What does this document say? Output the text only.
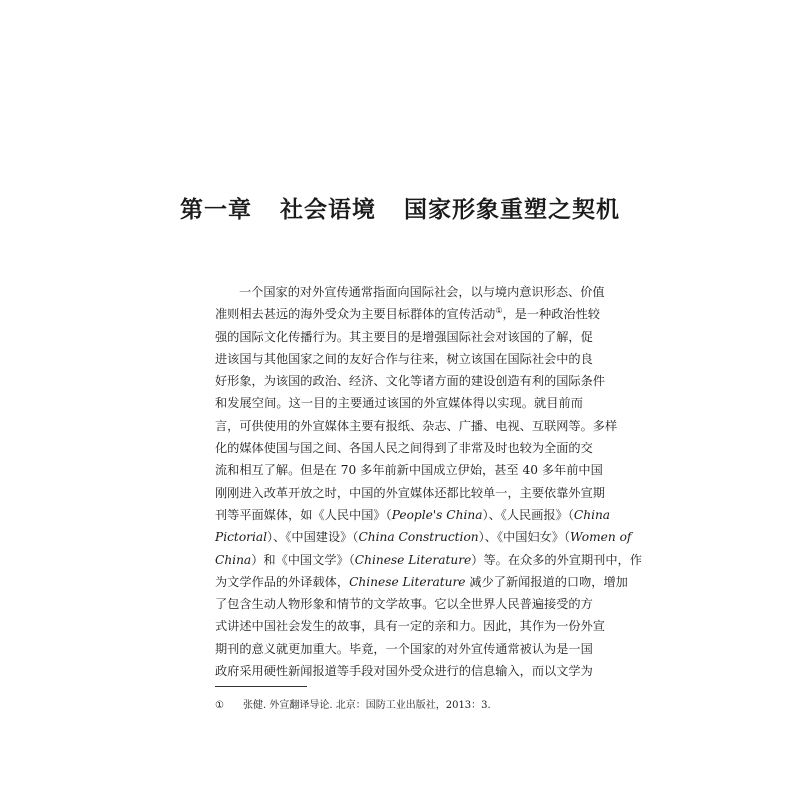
第一章 社会语境 国家形象重塑之契机
一个国家的对外宣传通常指面向国际社会，以与境内意识形态、价值
准则相去甚远的海外受众为主要目标群体的宣传活动①，是一种政治性较
强的国际文化传播行为。其主要目的是增强国际社会对该国的了解，促
进该国与其他国家之间的友好合作与往来，树立该国在国际社会中的良
好形象，为该国的政治、经济、文化等诸方面的建设创造有利的国际条件
和发展空间。这一目的主要通过该国的外宣媒体得以实现。就目前而
言，可供使用的外宣媒体主要有报纸、杂志、广播、电视、互联网等。多样
化的媒体使国与国之间、各国人民之间得到了非常及时也较为全面的交
流和相互了解。但是在 70 多年前新中国成立伊始，甚至 40 多年前中国
刚刚进入改革开放之时，中国的外宣媒体还都比较单一，主要依靠外宣期
刊等平面媒体，如《人民中国》（People's China）、《人民画报》（China
Pictorial）、《中国建设》（China Construction）、《中国妇女》（Women of
China）和《中国文学》（Chinese Literature）等。在众多的外宣期刊中，作
为文学作品的外译载体，Chinese Literature 减少了新闻报道的口吻，增加
了包含生动人物形象和情节的文学故事。它以全世界人民普遍接受的方
式讲述中国社会发生的故事，具有一定的亲和力。因此，其作为一份外宣
期刊的意义就更加重大。毕竟，一个国家的对外宣传通常被认为是一国
政府采用硬性新闻报道等手段对国外受众进行的信息输入，而以文学为
① 张健. 外宣翻译导论. 北京：国防工业出版社，2013：3.
